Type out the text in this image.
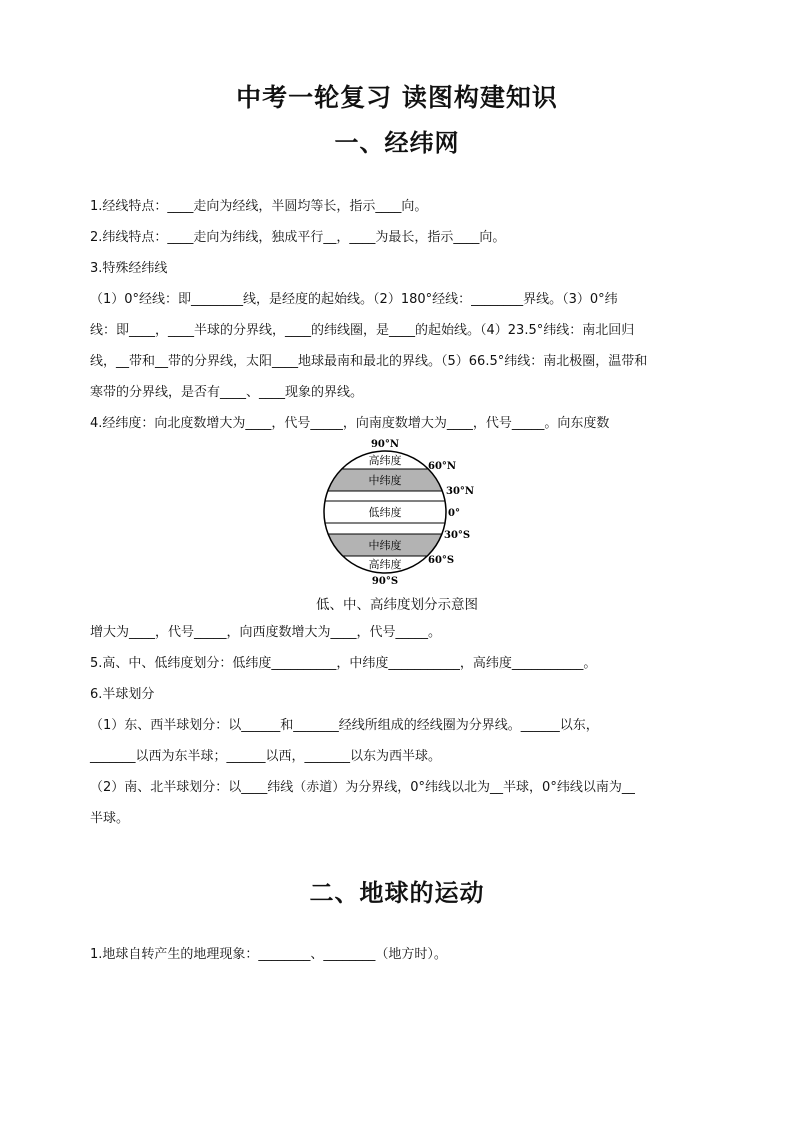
中考一轮复习 读图构建知识
一、经纬网
1.经线特点：____走向为经线，半圆均等长，指示____向。
2.纬线特点：____走向为纬线，独成平行__，____为最长，指示____向。
3.特殊经纬线
（1）0°经线：即________线，是经度的起始线。（2）180°经线：________界线。（3）0°纬
线：即____，____半球的分界线，____的纬线圈，是____的起始线。（4）23.5°纬线：南北回归
线，__带和__带的分界线，太阳____地球最南和最北的界线。（5）66.5°纬线：南北极圈，温带和
寒带的分界线，是否有____、____现象的界线。
4.经纬度：向北度数增大为____，代号_____，向南度数增大为____，代号_____。向东度数
高纬度
中纬度
低纬度
中纬度
高纬度
90°N
60°N
30°N
0°
30°S
60°S
90°S
低、中、高纬度划分示意图
增大为____，代号_____，向西度数增大为____，代号_____。
5.高、中、低纬度划分：低纬度__________，中纬度___________，高纬度___________。
6.半球划分
（1）东、西半球划分：以______和_______经线所组成的经线圈为分界线。______以东，
_______以西为东半球；______以西，_______以东为西半球。
（2）南、北半球划分：以____纬线（赤道）为分界线，0°纬线以北为__半球，0°纬线以南为__
半球。
二、地球的运动
1.地球自转产生的地理现象：________、________（地方时）。
